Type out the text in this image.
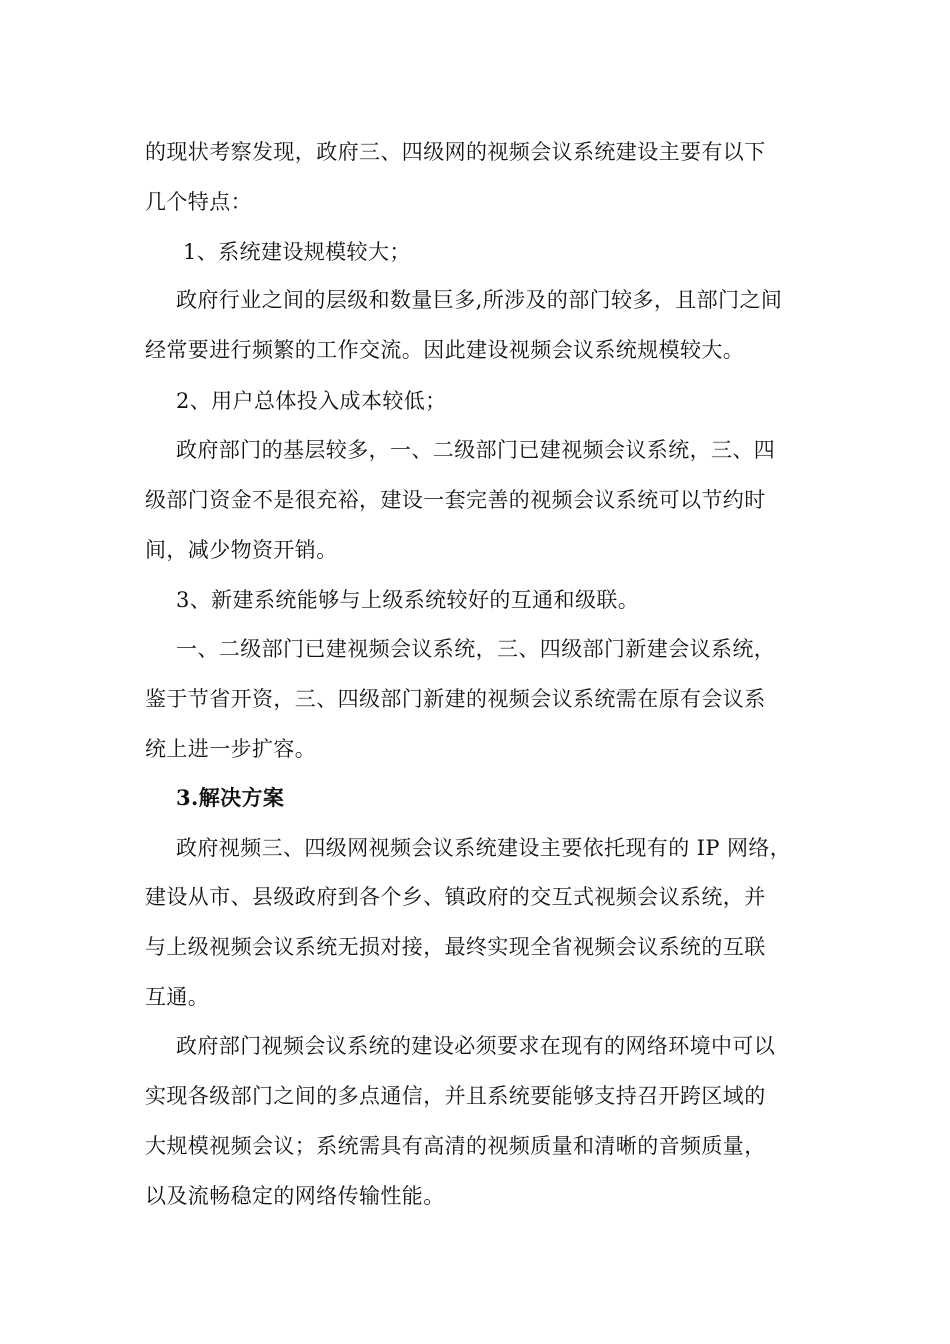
的现状考察发现，政府三、四级网的视频会议系统建设主要有以下
几个特点：
1、系统建设规模较大；
政府行业之间的层级和数量巨多,所涉及的部门较多，且部门之间
经常要进行频繁的工作交流。因此建设视频会议系统规模较大。
2、用户总体投入成本较低；
政府部门的基层较多，一、二级部门已建视频会议系统，三、四
级部门资金不是很充裕，建设一套完善的视频会议系统可以节约时
间，减少物资开销。
3、新建系统能够与上级系统较好的互通和级联。
一、二级部门已建视频会议系统，三、四级部门新建会议系统，
鉴于节省开资，三、四级部门新建的视频会议系统需在原有会议系
统上进一步扩容。
3.解决方案
政府视频三、四级网视频会议系统建设主要依托现有的 IP 网络，
建设从市、县级政府到各个乡、镇政府的交互式视频会议系统，并
与上级视频会议系统无损对接，最终实现全省视频会议系统的互联
互通。
政府部门视频会议系统的建设必须要求在现有的网络环境中可以
实现各级部门之间的多点通信，并且系统要能够支持召开跨区域的
大规模视频会议；系统需具有高清的视频质量和清晰的音频质量，
以及流畅稳定的网络传输性能。
